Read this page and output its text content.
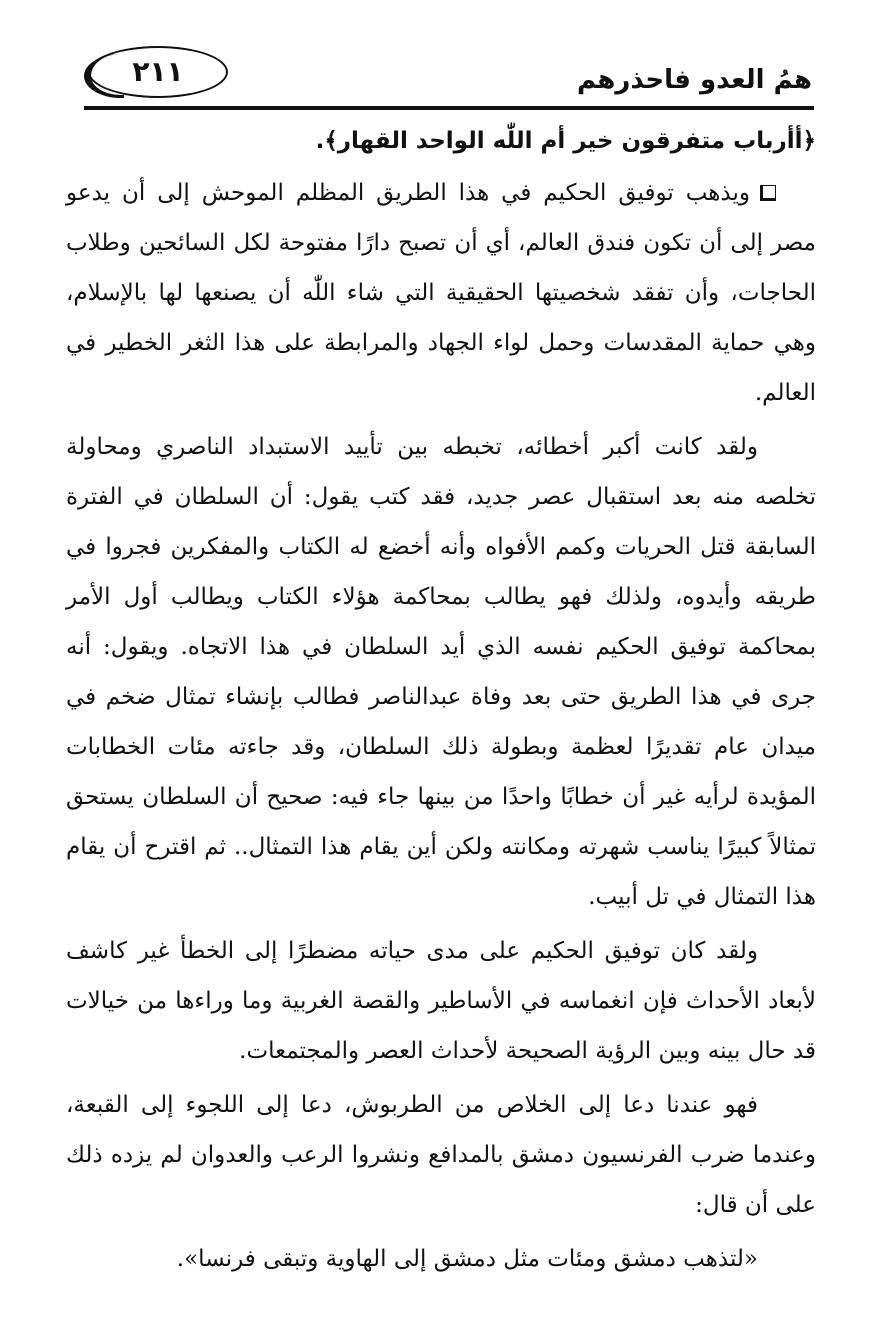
همُ العدو فاحذرهم
٢١١

﴿أأرباب متفرقون خير أم اللّٰه الواحد القهار﴾.

ويذهب توفيق الحكيم في هذا الطريق المظلم الموحش إلى أن يدعو مصر إلى أن تكون فندق العالم، أي أن تصبح دارًا مفتوحة لكل السائحين وطلاب الحاجات، وأن تفقد شخصيتها الحقيقية التي شاء اللّٰه أن يصنعها لها بالإسلام، وهي حماية المقدسات وحمل لواء الجهاد والمرابطة على هذا الثغر الخطير في العالم.

ولقد كانت أكبر أخطائه، تخبطه بين تأييد الاستبداد الناصري ومحاولة تخلصه منه بعد استقبال عصر جديد، فقد كتب يقول: أن السلطان في الفترة السابقة قتل الحريات وكمم الأفواه وأنه أخضع له الكتاب والمفكرين فجروا في طريقه وأيدوه، ولذلك فهو يطالب بمحاكمة هؤلاء الكتاب ويطالب أول الأمر بمحاكمة توفيق الحكيم نفسه الذي أيد السلطان في هذا الاتجاه. ويقول: أنه جرى في هذا الطريق حتى بعد وفاة عبدالناصر فطالب بإنشاء تمثال ضخم في ميدان عام تقديرًا لعظمة وبطولة ذلك السلطان، وقد جاءته مئات الخطابات المؤيدة لرأيه غير أن خطابًا واحدًا من بينها جاء فيه: صحيح أن السلطان يستحق تمثالاً كبيرًا يناسب شهرته ومكانته ولكن أين يقام هذا التمثال.. ثم اقترح أن يقام هذا التمثال في تل أبيب.

ولقد كان توفيق الحكيم على مدى حياته مضطرًا إلى الخطأ غير كاشف لأبعاد الأحداث فإن انغماسه في الأساطير والقصة الغربية وما وراءها من خيالات قد حال بينه وبين الرؤية الصحيحة لأحداث العصر والمجتمعات.

فهو عندنا دعا إلى الخلاص من الطربوش، دعا إلى اللجوء إلى القبعة، وعندما ضرب الفرنسيون دمشق بالمدافع ونشروا الرعب والعدوان لم يزده ذلك على أن قال:

«لتذهب دمشق ومئات مثل دمشق إلى الهاوية وتبقى فرنسا».
